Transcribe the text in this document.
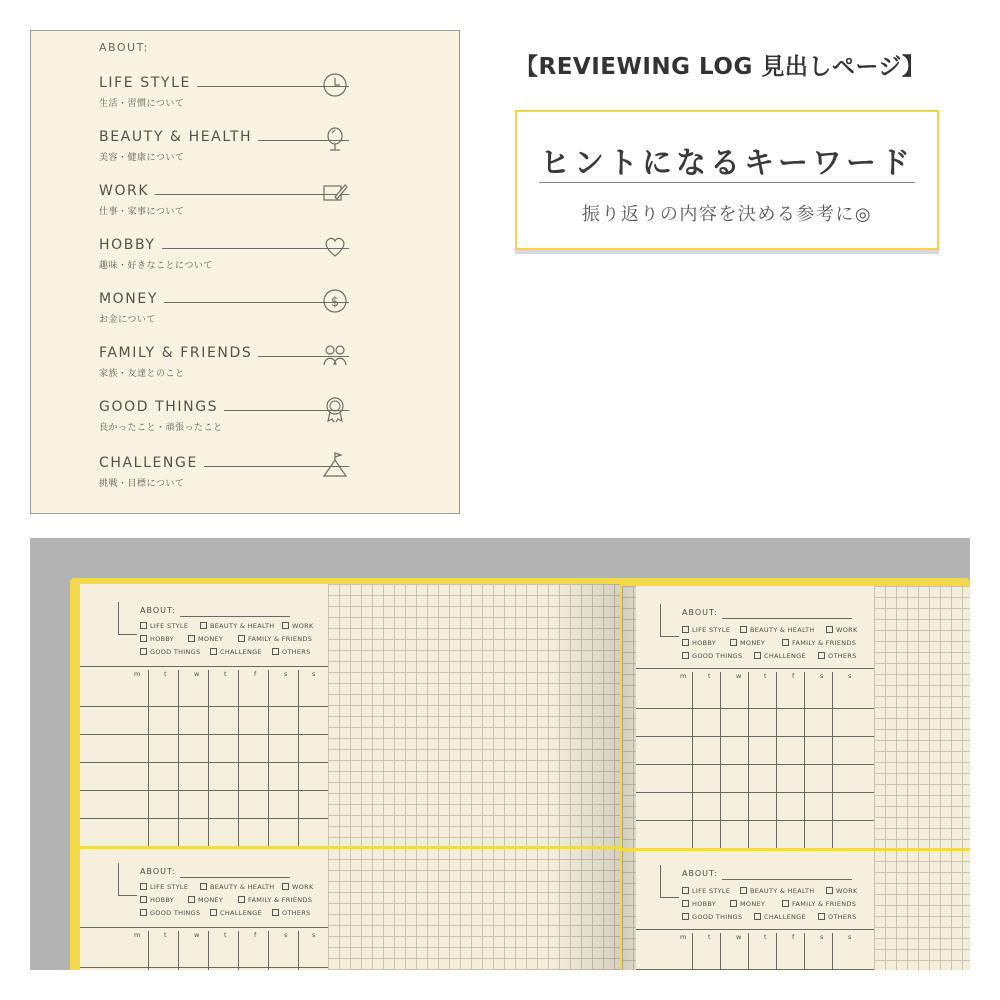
ABOUT:
LIFE STYLE
生活・習慣について
BEAUTY & HEALTH
美容・健康について
WORK
仕事・家事について
HOBBY
趣味・好きなことについて
MONEY
お金について
$
FAMILY & FRIENDS
家族・友達とのこと
GOOD THINGS
良かったこと・頑張ったこと
CHALLENGE
挑戦・目標について
【REVIEWING LOG 見出しページ】
ヒントになるキーワード
振り返りの内容を決める参考に◎
ABOUT:
LIFE STYLE	BEAUTY & HEALTH	WORK
HOBBY	MONEY	FAMILY & FRIENDS
GOOD THINGS	CHALLENGE	OTHERS
m	t	w	t	f	s	s
ABOUT:
LIFE STYLE	BEAUTY & HEALTH	WORK
HOBBY	MONEY	FAMILY & FRIENDS
GOOD THINGS	CHALLENGE	OTHERS
m	t	w	t	f	s	s
ABOUT:
LIFE STYLE	BEAUTY & HEALTH	WORK
HOBBY	MONEY	FAMILY & FRIENDS
GOOD THINGS	CHALLENGE	OTHERS
m	t	w	t	f	s	s
ABOUT:
LIFE STYLE	BEAUTY & HEALTH	WORK
HOBBY	MONEY	FAMILY & FRIENDS
GOOD THINGS	CHALLENGE	OTHERS
m	t	w	t	f	s	s
